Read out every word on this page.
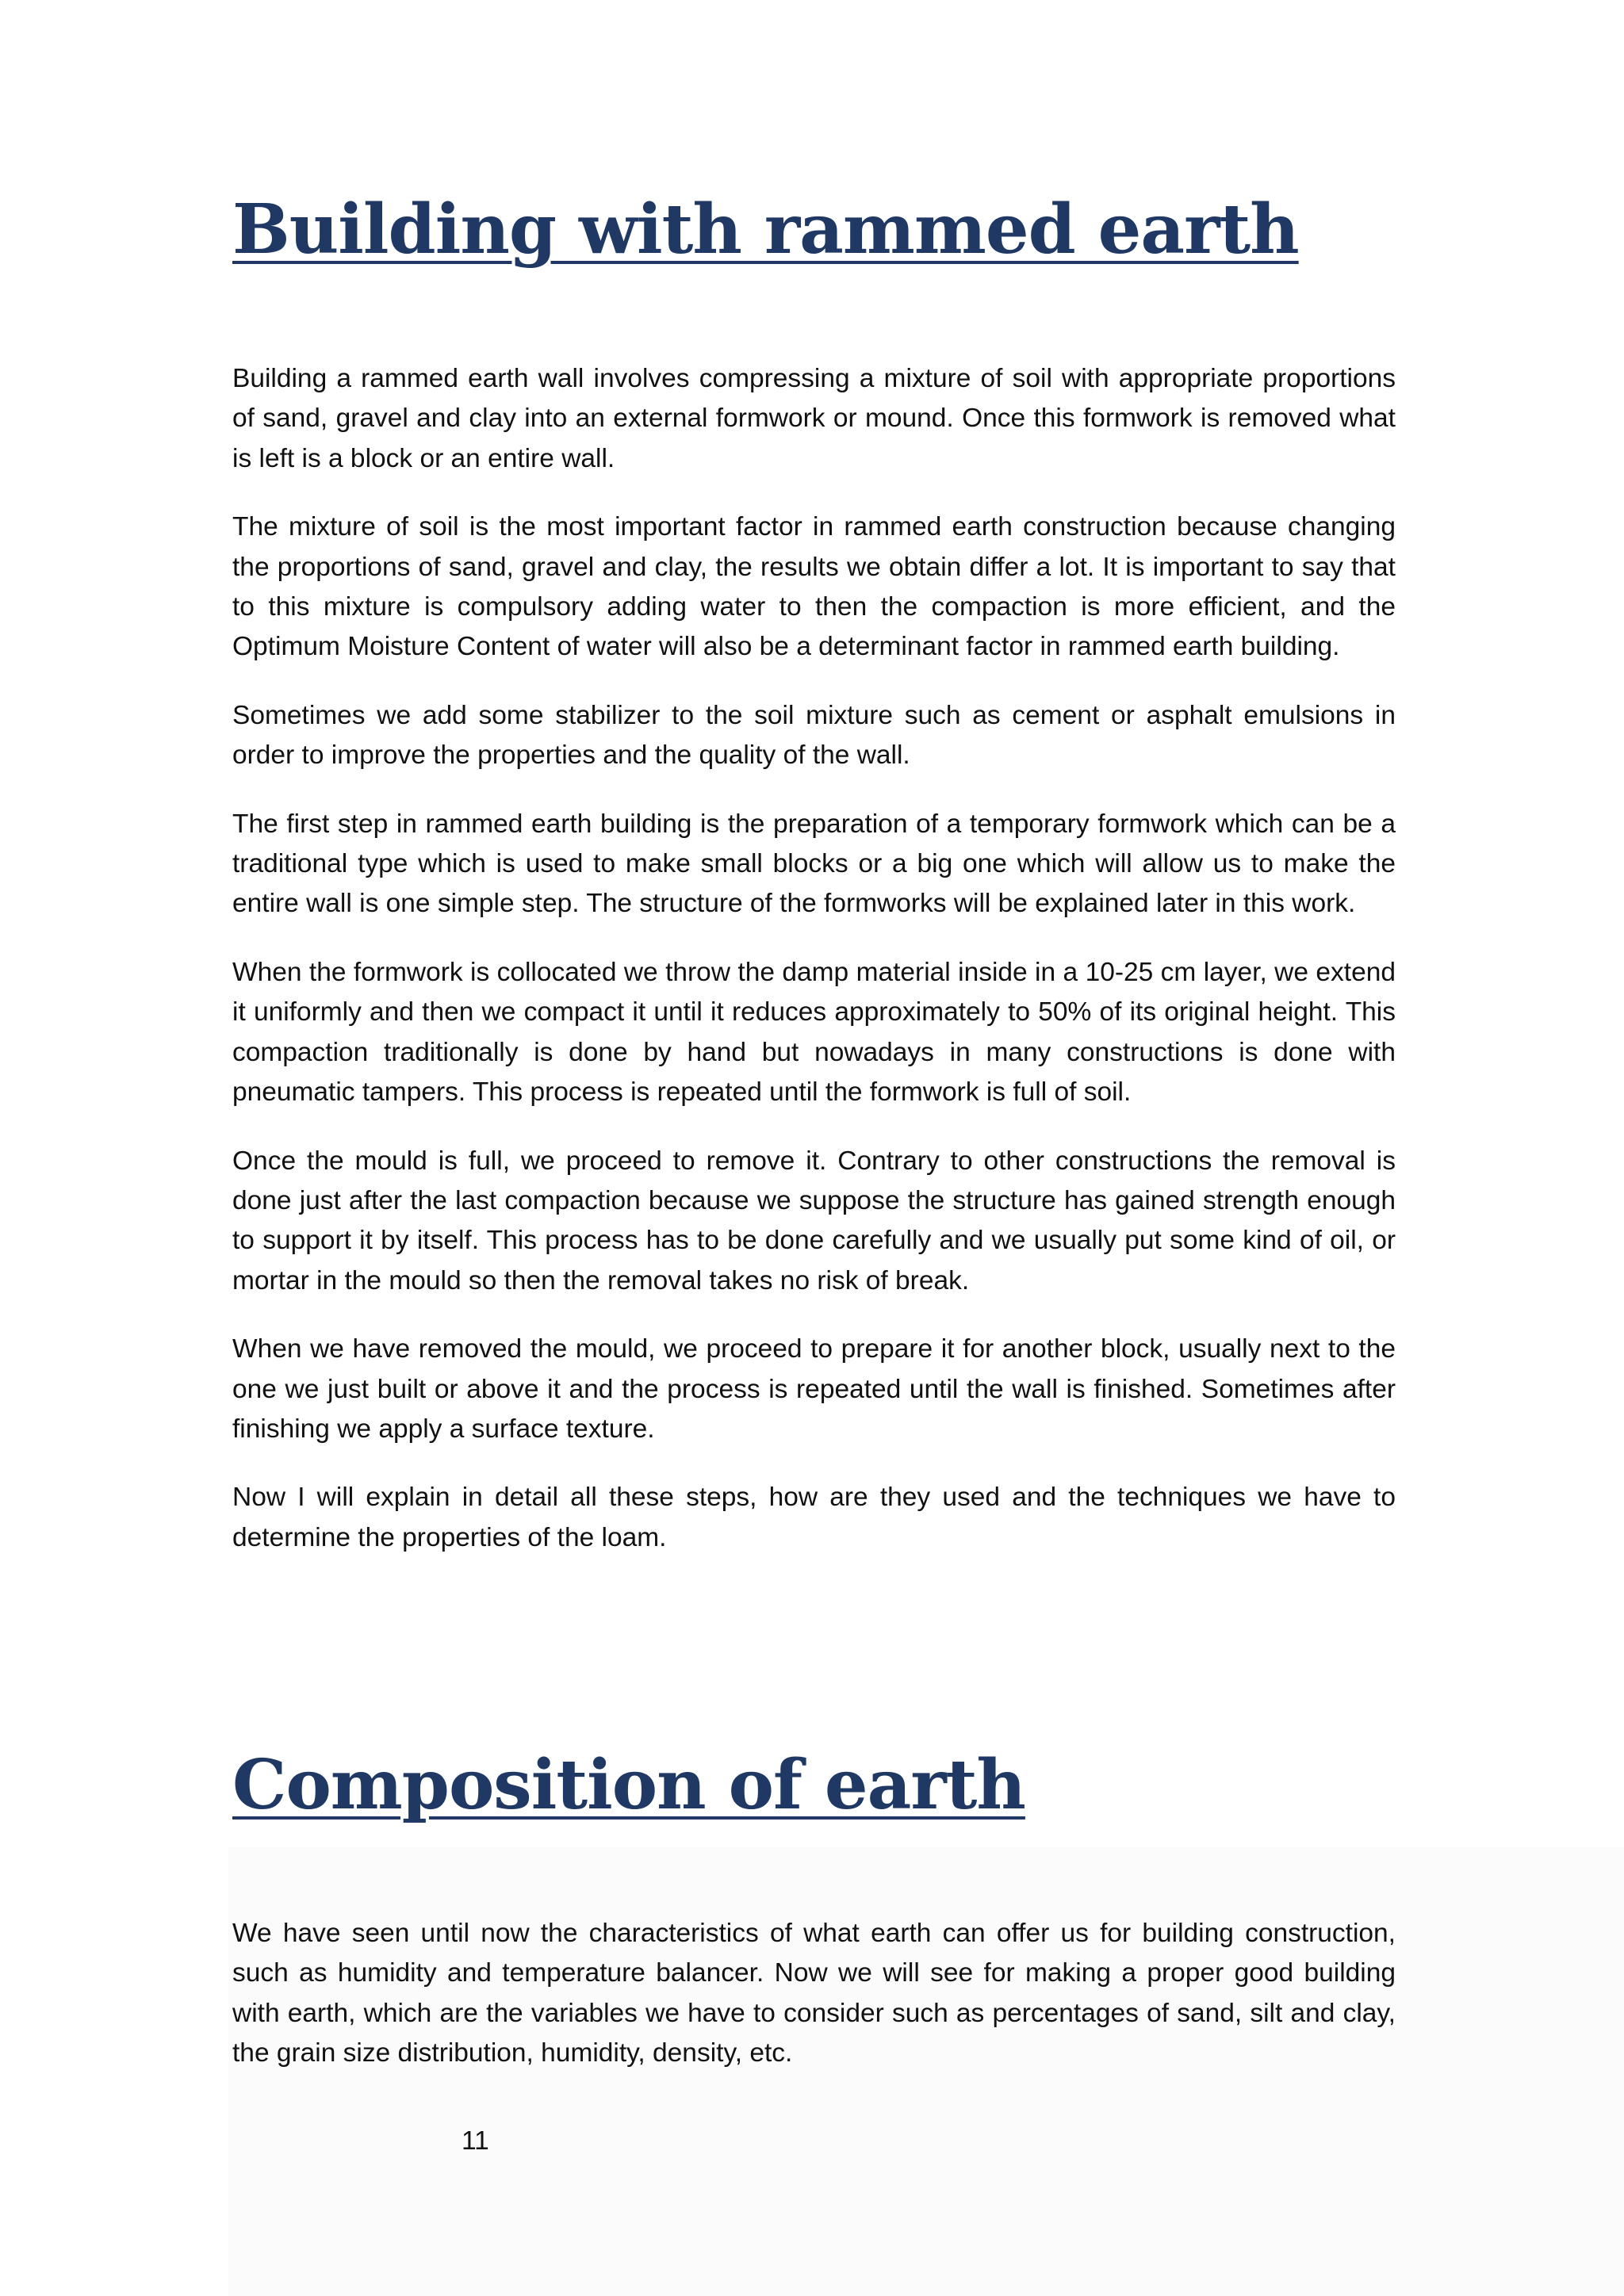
Building with rammed earth

Building a rammed earth wall involves compressing a mixture of soil with appropriate proportions of sand, gravel and clay into an external formwork or mound. Once this formwork is removed what is left is a block or an entire wall.

The mixture of soil is the most important factor in rammed earth construction because changing the proportions of sand, gravel and clay, the results we obtain differ a lot. It is important to say that to this mixture is compulsory adding water to then the compaction is more efficient, and the Optimum Moisture Content of water will also be a determinant factor in rammed earth building.

Sometimes we add some stabilizer to the soil mixture such as cement or asphalt emulsions in order to improve the properties and the quality of the wall.

The first step in rammed earth building is the preparation of a temporary formwork which can be a traditional type which is used to make small blocks or a big one which will allow us to make the entire wall is one simple step. The structure of the formworks will be explained later in this work.

When the formwork is collocated we throw the damp material inside in a 10-25 cm layer, we extend it uniformly and then we compact it until it reduces approximately to 50% of its original height. This compaction traditionally is done by hand but nowadays in many constructions is done with pneumatic tampers. This process is repeated until the formwork is full of soil.

Once the mould is full, we proceed to remove it. Contrary to other constructions the removal is done just after the last compaction because we suppose the structure has gained strength enough to support it by itself. This process has to be done carefully and we usually put some kind of oil, or mortar in the mould so then the removal takes no risk of break.

When we have removed the mould, we proceed to prepare it for another block, usually next to the one we just built or above it and the process is repeated until the wall is finished. Sometimes after finishing we apply a surface texture.

Now I will explain in detail all these steps, how are they used and the techniques we have to determine the properties of the loam.

Composition of earth

We have seen until now the characteristics of what earth can offer us for building construction, such as humidity and temperature balancer. Now we will see for making a proper good building with earth, which are the variables we have to consider such as percentages of sand, silt and clay, the grain size distribution, humidity, density, etc.

11
